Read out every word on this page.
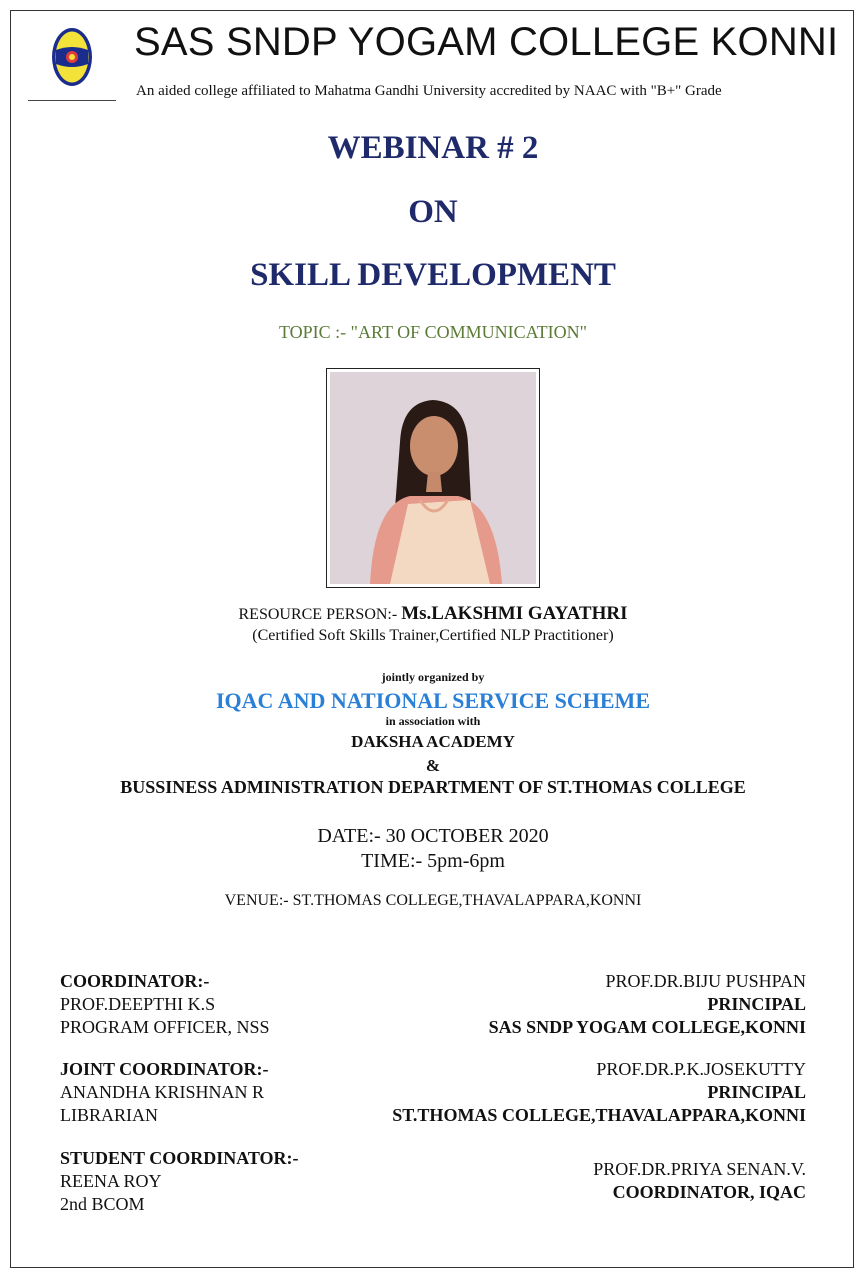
SAS SNDP YOGAM COLLEGE KONNI
An aided college affiliated to Mahatma Gandhi University accredited by NAAC with "B+" Grade
WEBINAR # 2
ON
SKILL DEVELOPMENT
TOPIC :- "ART OF COMMUNICATION"
RESOURCE PERSON:- Ms.LAKSHMI GAYATHRI
(Certified Soft Skills Trainer,Certified NLP Practitioner)
jointly organized by
IQAC AND NATIONAL SERVICE SCHEME
in association with
DAKSHA ACADEMY
&
BUSSINESS ADMINISTRATION DEPARTMENT OF ST.THOMAS COLLEGE
DATE:- 30 OCTOBER 2020
TIME:- 5pm-6pm
VENUE:- ST.THOMAS COLLEGE,THAVALAPPARA,KONNI
COORDINATOR:-
PROF.DEEPTHI K.S
PROGRAM OFFICER, NSS
JOINT COORDINATOR:-
ANANDHA KRISHNAN R
LIBRARIAN
STUDENT COORDINATOR:-
REENA ROY
2nd BCOM
PROF.DR.BIJU PUSHPAN
PRINCIPAL
SAS SNDP YOGAM COLLEGE,KONNI
PROF.DR.P.K.JOSEKUTTY
PRINCIPAL
ST.THOMAS COLLEGE,THAVALAPPARA,KONNI
PROF.DR.PRIYA SENAN.V.
COORDINATOR, IQAC
